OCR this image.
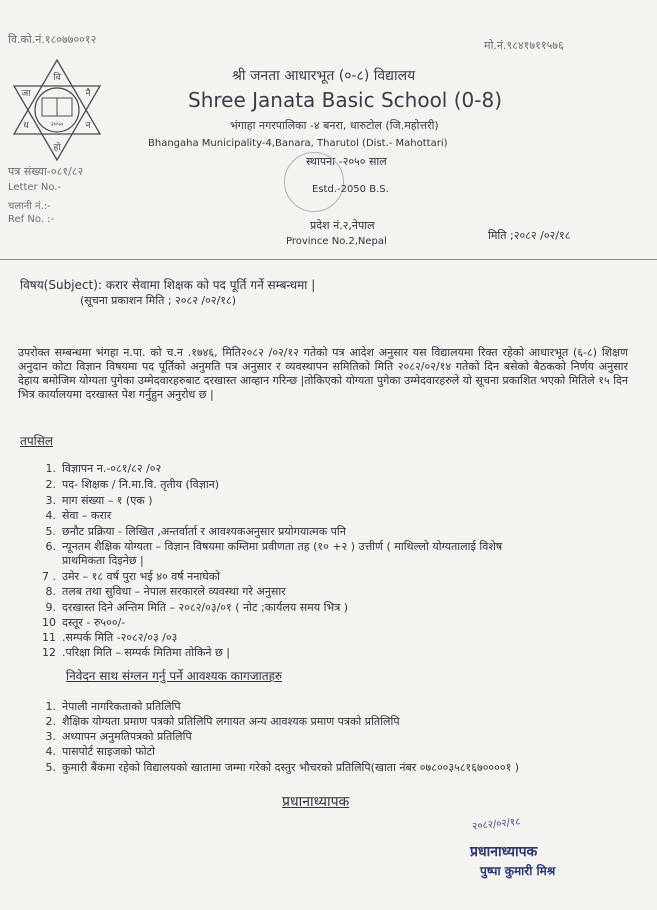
वि.को.नं.१८०७७००१२	मो.नं.९८४१७११५७६
वि
जा	नै
ध	न
हो
२०५०
श्री जनता आधारभूत (०-८) विद्यालय
Shree Janata Basic School (0-8)
भंगाहा नगरपालिका -४ बनरा, धारुटोल (जि.महोत्तरी)
Bhangaha Municipality-4,Banara, Tharutol (Dist.- Mahottari)
पत्र संख्या-०८१/८२
Letter No.-
चलानी नं.:-
Ref No. :-
स्थापना -२०५० साल
Estd.-2050 B.S.
प्रदेश नं.२,नेपाल
Province No.2,Nepal	मिति ;२०८२ /०२/१८
विषय(Subject): करार सेवामा शिक्षक को पद पूर्ति गर्ने सम्बन्धमा |
(सूचना प्रकाशन मिति ; २०८२ /०२/१८)
उपरोक्त सम्बन्धमा भंगहा न.पा. को च.न .१७४६, मिति२०८२ /०२/१२ गतेको पत्र आदेश अनुसार यस विद्यालयमा रिक्त रहेको आधारभूत (६-८) शिक्षण अनुदान कोटा विज्ञान विषयमा पद पूर्तिको अनुमति पत्र अनुसार र व्यवस्थापन समितिको मिति २०८२/०२/१४ गतेको दिन बसेको बैठकको निर्णय अनुसार देहाय बमोजिम योग्यता पुगेका उम्मेदवारहरुबाट दरखास्त आव्हान गरिन्छ |तोकिएको योग्यता पुगेका उम्मेदवारहरुले यो सूचना प्रकाशित भएको मितिले १५ दिन भित्र कार्यालयमा दरखास्त पेश गर्नुहुन अनुरोध छ |
तपसिल
1. विज्ञापन न.-०८१/८२ /०२
2. पद- शिक्षक / नि.मा.वि. तृतीय (विज्ञान)
3. माग संख्या – १ (एक )
4. सेवा – करार
5. छनौट प्रक्रिया - लिखित ,अन्तर्वार्ता र आवश्यकअनुसार प्रयोगयात्मक पनि
6. न्यूनतम शैक्षिक योग्यता – विज्ञान विषयमा कम्तिमा प्रवीणता तह (१० +२ ) उत्तीर्ण ( माथिल्लो योग्यतालाई विशेष
प्राथमिकता दिइनेछ |
7 . उमेर – १८ वर्ष पुरा भई ४० वर्ष ननाघेको
8. तलब तथा सुविधा – नेपाल सरकारले व्यवस्था गरे अनुसार
9. दरखास्त दिने अन्तिम मिति – २०८२/०३/०१ ( नोट ;कार्यलय समय भित्र )
10 दस्तूर - रु५००/-
11 .सम्पर्क मिति -२०८२/०३ /०३
12 .परिक्षा मिति – सम्पर्क मितिमा तोकिने छ |
निवेदन साथ संग्लन गर्नु पर्ने आवश्यक कागजातहरु
1. नेपाली नागरिकताको प्रतिलिपि
2. शैक्षिक योग्यता प्रमाण पत्रको प्रतिलिपि लगायत अन्य आवश्यक प्रमाण पत्रको प्रतिलिपि
3. अध्यापन अनुमतिपत्रको प्रतिलिपि
4. पासपोर्ट साइजको फोटो
5. कुमारी बैंकमा रहेको विद्यालयको खातामा जम्मा गरेको दस्तुर भौचरको प्रतिलिपि(खाता नंबर ०७८००३५८१६७००००१ )
प्रधानाध्यापक
२०८२/०२/१८
प्रधानाध्यापक
पुष्पा कुमारी मिश्र
